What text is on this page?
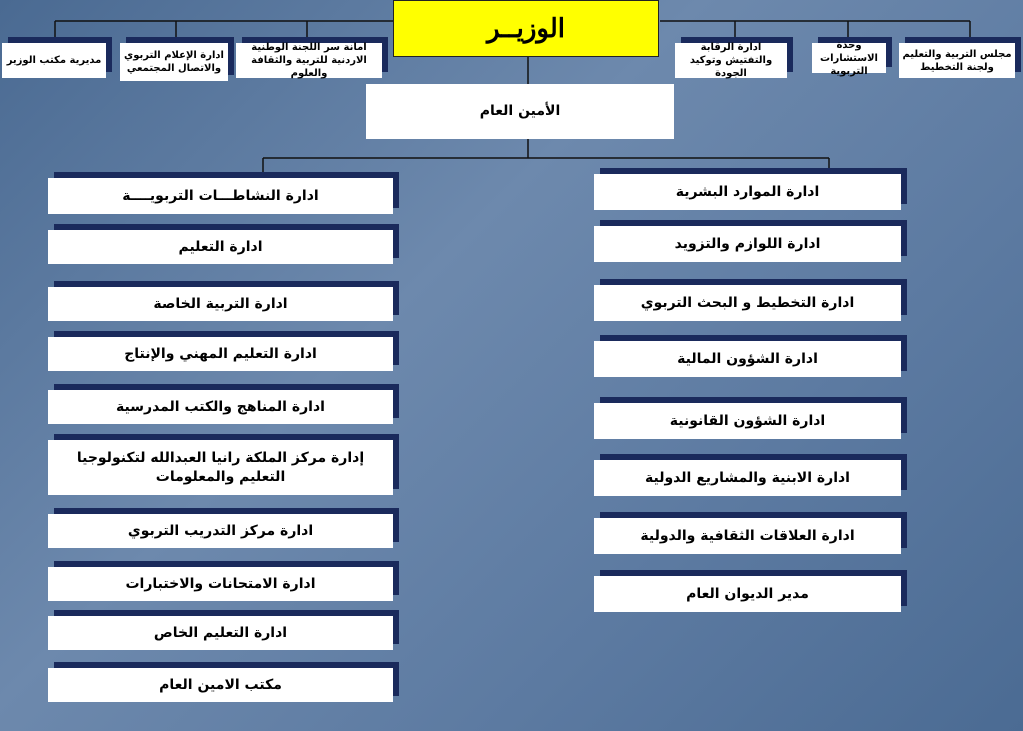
الوزيــر
مديرية مكتب الوزير ادارة الإعلام التربوي والاتصال المجتمعي
امانة سر اللجنة الوطنية الاردنية للتربية والثقافة والعلوم
ادارة الرقابة والتفتيش وتوكيد الجودة
وحدة الاستشارات التربوية
مجلس التربية والتعليم ولجنة التخطيط
الأمين العام
ادارة النشاطـــات التربويــــة
ادارة التعليم
ادارة التربية الخاصة
ادارة التعليم المهني والإنتاج
ادارة المناهج والكتب المدرسية
إدارة مركز الملكة رانيا العبدالله لتكنولوجيا التعليم والمعلومات
ادارة مركز التدريب التربوي
ادارة الامتحانات والاختبارات
ادارة التعليم الخاص
مكتب الامين العام
ادارة الموارد البشرية
ادارة اللوازم والتزويد
ادارة التخطيط و البحث التربوي
ادارة الشؤون المالية
ادارة الشؤون القانونية
ادارة الابنية والمشاريع الدولية
ادارة العلاقات الثقافية والدولية
مدير الديوان العام
